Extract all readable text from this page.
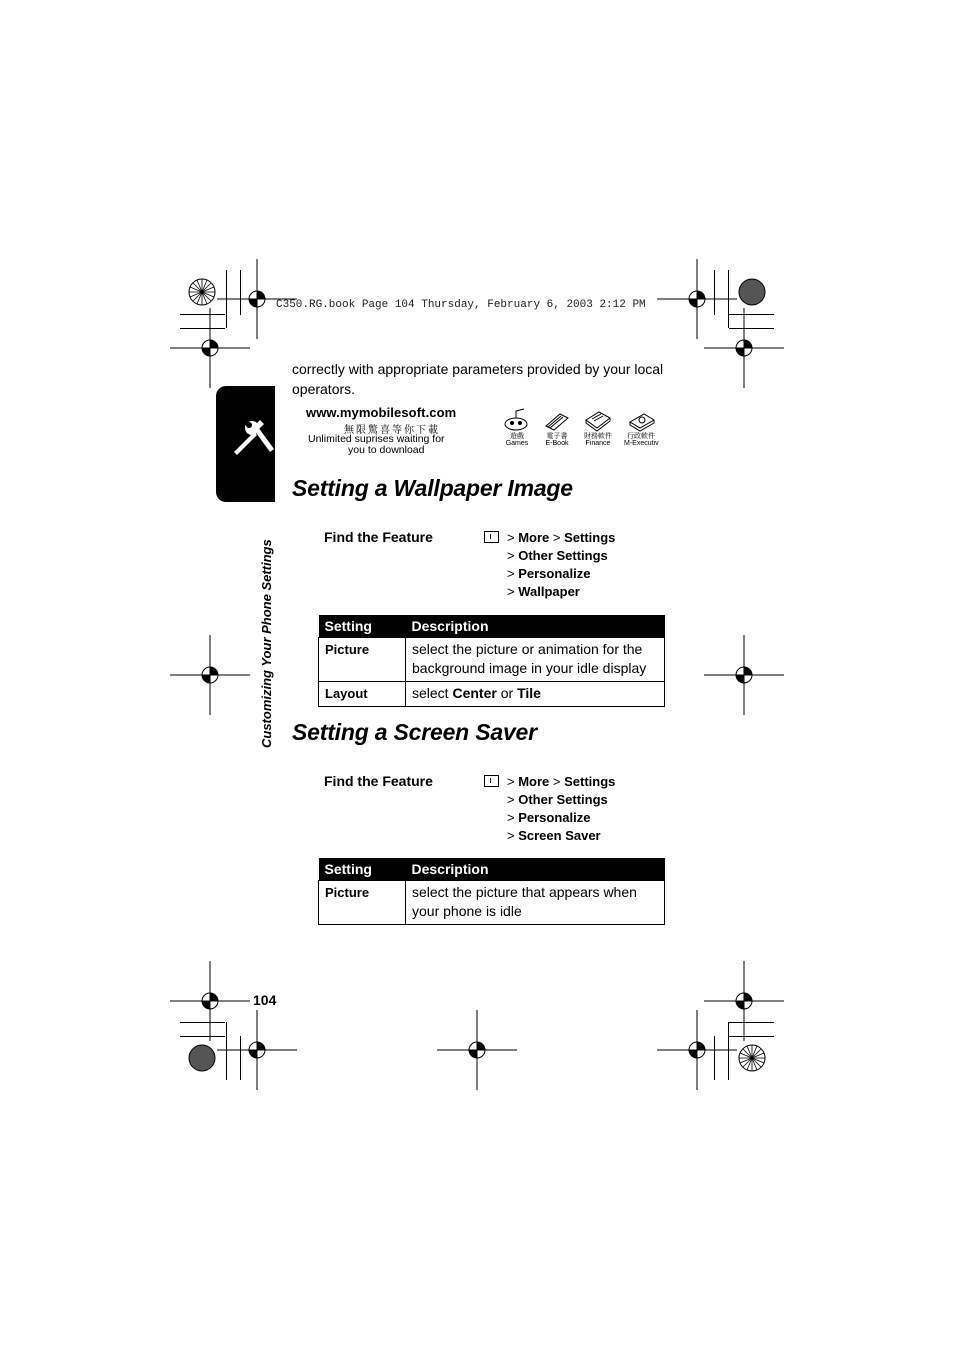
C350.RG.book Page 104 Thursday, February 6, 2003 2:12 PM
Customizing Your Phone Settings
correctly with appropriate parameters provided by your local operators.
www.mymobilesoft.com
無限驚喜等你下載
Unlimited suprises waiting for
you to download
遊戲
Games
電子書
E-Book
財務軟件
Finance
行政軟件
M-Executiv
Setting a Wallpaper Image
Find the Feature	> More > Settings
> Other Settings
> Personalize
> Wallpaper
Setting	Description
Picture	select the picture or animation for the background image in your idle display
Layout	select Center or Tile
Setting a Screen Saver
Find the Feature	> More > Settings
> Other Settings
> Personalize
> Screen Saver
Setting	Description
Picture	select the picture that appears when your phone is idle
104
